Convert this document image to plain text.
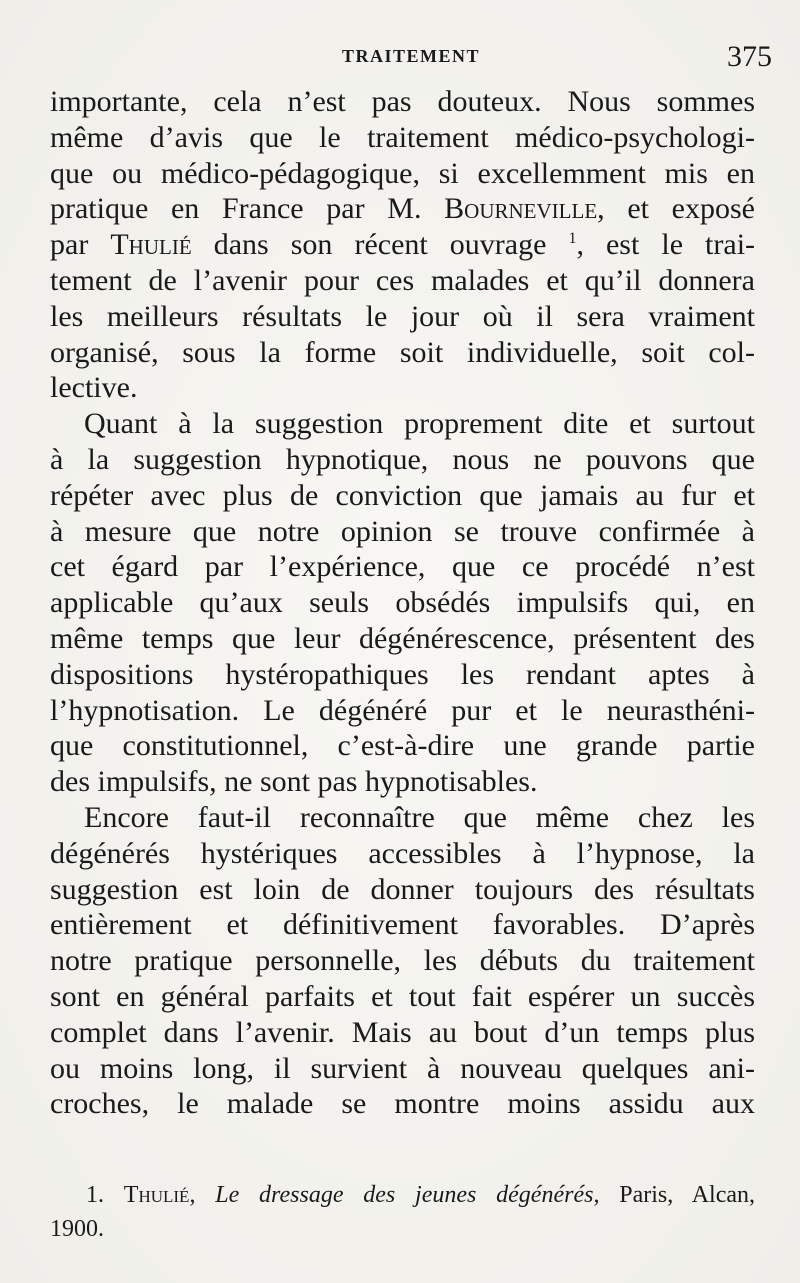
TRAITEMENT	375
importante, cela n’est pas douteux. Nous sommes
même d’avis que le traitement médico-psychologi-
que ou médico-pédagogique, si excellemment mis en
pratique en France par M. Bourneville, et exposé
par Thulié dans son récent ouvrage $^1$, est le trai-
tement de l’avenir pour ces malades et qu’il donnera
les meilleurs résultats le jour où il sera vraiment
organisé, sous la forme soit individuelle, soit col-
lective.
Quant à la suggestion proprement dite et surtout
à la suggestion hypnotique, nous ne pouvons que
répéter avec plus de conviction que jamais au fur et
à mesure que notre opinion se trouve confirmée à
cet égard par l’expérience, que ce procédé n’est
applicable qu’aux seuls obsédés impulsifs qui, en
même temps que leur dégénérescence, présentent des
dispositions hystéropathiques les rendant aptes à
l’hypnotisation. Le dégénéré pur et le neurasthéni-
que constitutionnel, c’est-à-dire une grande partie
des impulsifs, ne sont pas hypnotisables.
Encore faut-il reconnaître que même chez les
dégénérés hystériques accessibles à l’hypnose, la
suggestion est loin de donner toujours des résultats
entièrement et définitivement favorables. D’après
notre pratique personnelle, les débuts du traitement
sont en général parfaits et tout fait espérer un succès
complet dans l’avenir. Mais au bout d’un temps plus
ou moins long, il survient à nouveau quelques ani-
croches, le malade se montre moins assidu aux
1. Thulié, Le dressage des jeunes dégénérés, Paris, Alcan,
1900.
